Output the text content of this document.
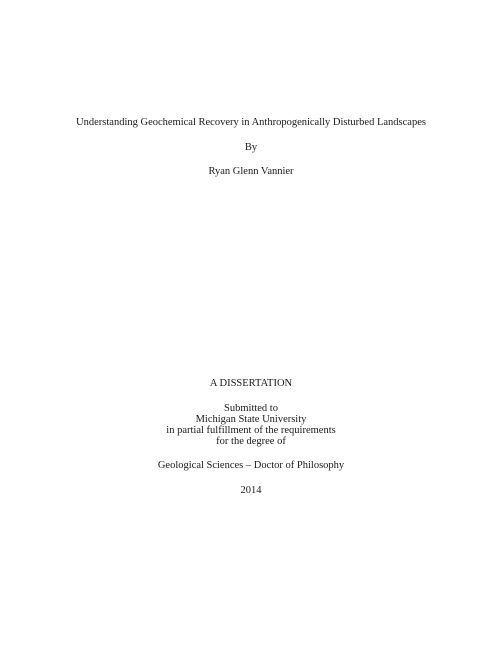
Understanding Geochemical Recovery in Anthropogenically Disturbed Landscapes
By
Ryan Glenn Vannier
A DISSERTATION
Submitted to
Michigan State University
in partial fulfillment of the requirements
for the degree of
Geological Sciences – Doctor of Philosophy
2014
